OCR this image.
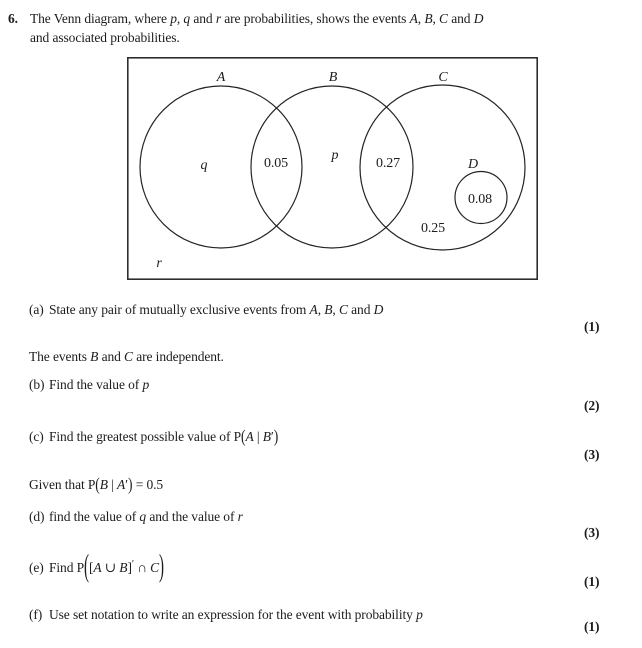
6. The Venn diagram, where p, q and r are probabilities, shows the events A, B, C and D
and associated probabilities.
A	B	C
D
q	0.05
p
0.27
0.08
0.25
r
(a) State any pair of mutually exclusive events from A, B, C and D
(1)
The events B and C are independent.
(b) Find the value of p
(2)
(c) Find the greatest possible value of P(A | B′)
(3)
Given that P(B | A′) = 0.5
(d) find the value of q and the value of r
(3)
(e) Find P([A ∪ B]′ ∩ C)	(1)
(f) Use set notation to write an expression for the event with probability p
(1)
